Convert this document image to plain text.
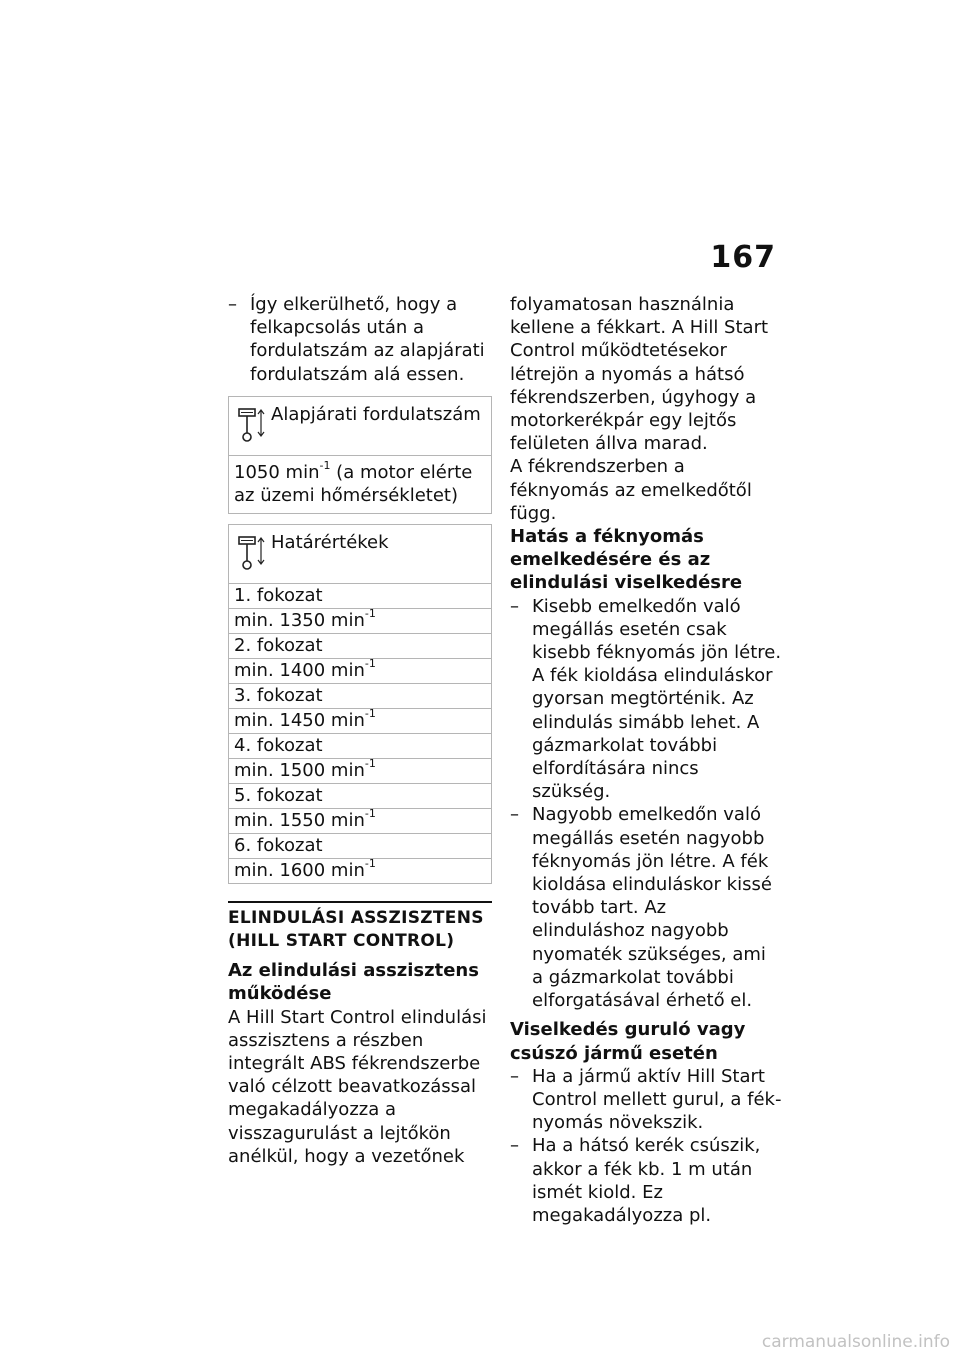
167

– Így elkerülhető, hogy a felkapcsolás után a fordulatszám az alapjárati fordulatszám alá essen.

Alapjárati fordulatszám
1050 $\min^{-1} (a$ motor elérte az üzemi hőmérsékletet)
Határértékek
1. fokozat
min. 1350 $\min^{-1}$
2. fokozat
min. 1400 $\min^{-1}$
3. fokozat
min. 1450 $\min^{-1}$
4. fokozat
min. 1500 $\min^{-1}$
5. fokozat
min. 1550 $\min^{-1}$
6. fokozat
min. 1600 $\min^{-1}$
ELINDULÁSI ASSZISZTENS (HILL START CONTROL)
Az elindulási asszisztens működése

A Hill Start Control elindulási asszisztens a részben integrált ABS fékrendszerbe való célzott beavatkozással megakadályozza a visszagurulást a lejtőkön anélkül, hogy a vezetőnek

folyamatosan használnia kellene a fékkart. A Hill Start Control működtetésekor létrejön a nyomás a hátsó fékrendszerben, úgyhogy a motorkerékpár egy lejtős felületen állva marad.

A fékrendszerben a féknyomás az emelkedőtől függ.

Hatás a féknyomás emelkedésére és az elindulási viselkedésre

– Kisebb emelkedőn való megállás esetén csak kisebb féknyomás jön létre. A fék kioldása elinduláskor gyorsan megtörténik. Az elindulás simább lehet. A gázmarkolat további elfordítására nincs szükség.

– Nagyobb emelkedőn való megállás esetén nagyobb féknyomás jön létre. A fék kioldása elinduláskor kissé tovább tart. Az elinduláshoz nagyobb nyomaték szükséges, ami a gázmarkolat további elforgatásával érhető el.

Viselkedés guruló vagy csúszó jármű esetén

– Ha a jármű aktív Hill Start Control mellett gurul, a féknyomás növekszik.

– Ha a hátsó kerék csúszik, akkor a fék kb. 1 m után ismét kiold. Ez megakadályozza pl.

carmanualsonline.info
